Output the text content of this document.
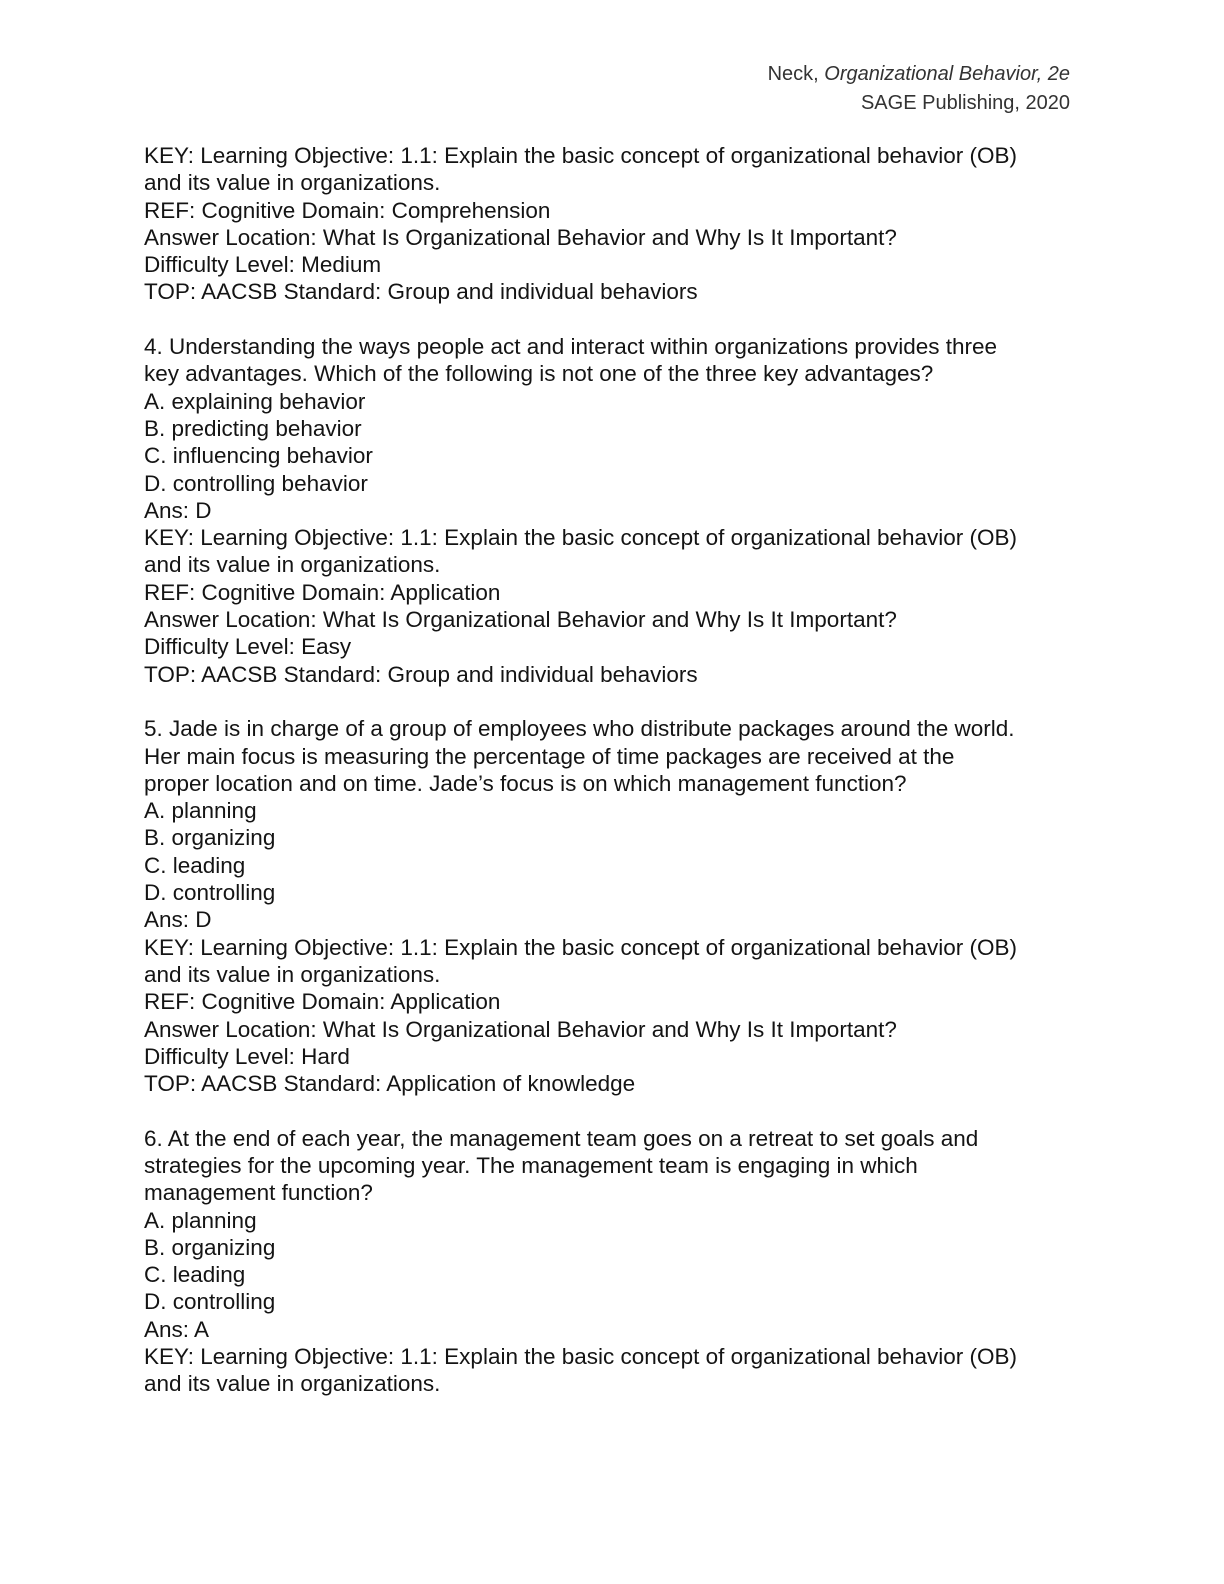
Neck, Organizational Behavior, 2e
SAGE Publishing, 2020
KEY: Learning Objective: 1.1: Explain the basic concept of organizational behavior (OB)
and its value in organizations.
REF: Cognitive Domain: Comprehension
Answer Location: What Is Organizational Behavior and Why Is It Important?
Difficulty Level: Medium
TOP: AACSB Standard: Group and individual behaviors
4. Understanding the ways people act and interact within organizations provides three
key advantages. Which of the following is not one of the three key advantages?
A. explaining behavior
B. predicting behavior
C. influencing behavior
D. controlling behavior
Ans: D
KEY: Learning Objective: 1.1: Explain the basic concept of organizational behavior (OB)
and its value in organizations.
REF: Cognitive Domain: Application
Answer Location: What Is Organizational Behavior and Why Is It Important?
Difficulty Level: Easy
TOP: AACSB Standard: Group and individual behaviors
5. Jade is in charge of a group of employees who distribute packages around the world.
Her main focus is measuring the percentage of time packages are received at the
proper location and on time. Jade’s focus is on which management function?
A. planning
B. organizing
C. leading
D. controlling
Ans: D
KEY: Learning Objective: 1.1: Explain the basic concept of organizational behavior (OB)
and its value in organizations.
REF: Cognitive Domain: Application
Answer Location: What Is Organizational Behavior and Why Is It Important?
Difficulty Level: Hard
TOP: AACSB Standard: Application of knowledge
6. At the end of each year, the management team goes on a retreat to set goals and
strategies for the upcoming year. The management team is engaging in which
management function?
A. planning
B. organizing
C. leading
D. controlling
Ans: A
KEY: Learning Objective: 1.1: Explain the basic concept of organizational behavior (OB)
and its value in organizations.
